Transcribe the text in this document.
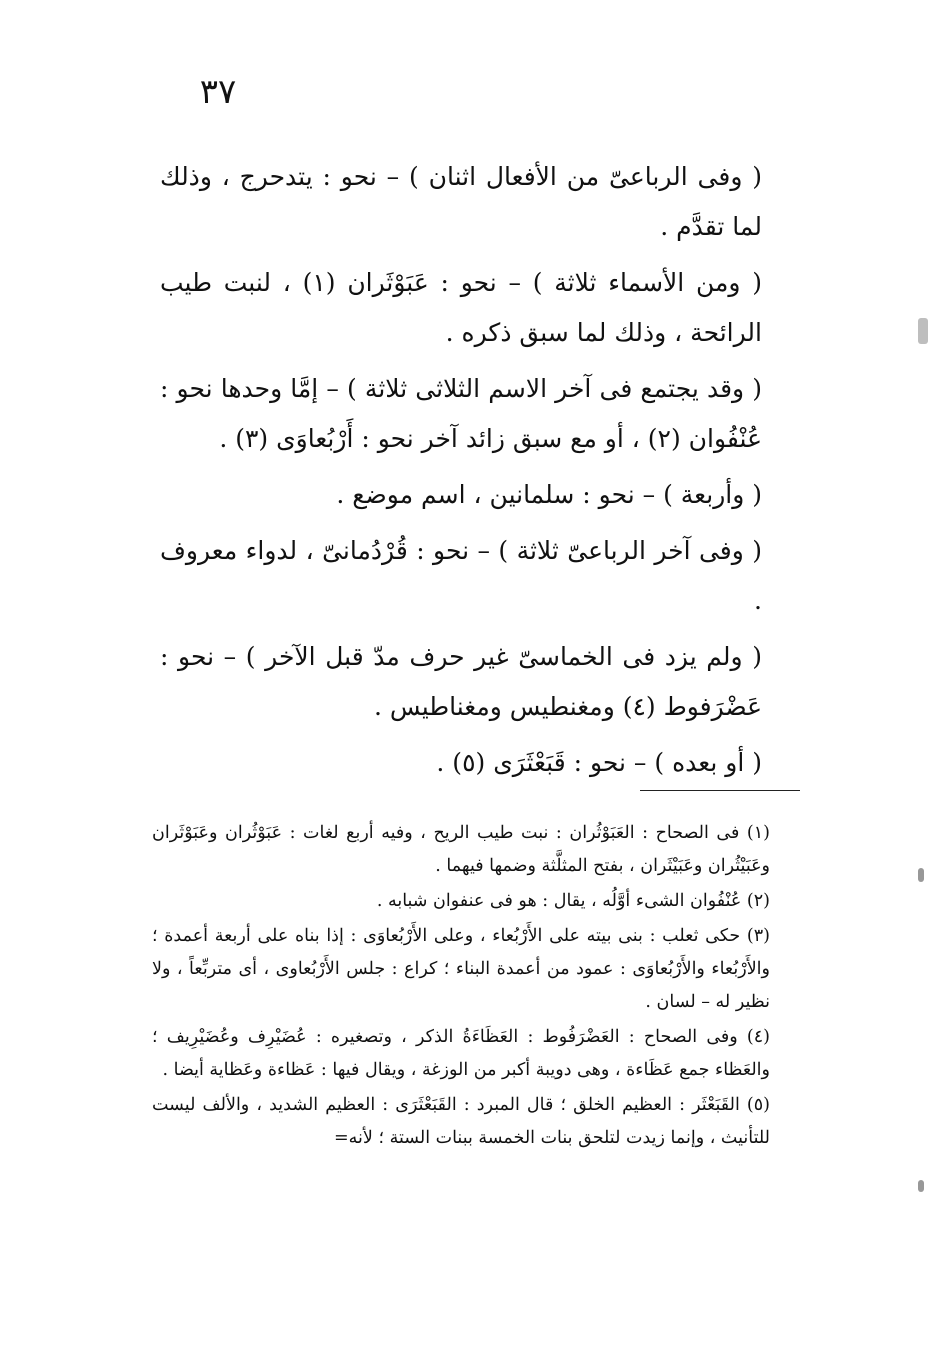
٣٧

( وفى الرباعىّ من الأفعال اثنان ) – نحو : يتدحرج ، وذلك لما تقدَّم .

( ومن الأسماء ثلاثة ) – نحو : عَبَوْثَران (١) ، لنبت طيب الرائحة ، وذلك لما سبق ذكره .

( وقد يجتمع فى آخر الاسم الثلاثى ثلاثة ) – إمَّا وحدها نحو : عُنْفُوان (٢) ، أو مع سبق زائد آخر نحو : أَرْبُعاوَى (٣) .

( وأربعة ) – نحو : سلمانين ، اسم موضع .

( وفى آخر الرباعىّ ثلاثة ) – نحو : قُرْدُمانىّ ، لدواء معروف .

( ولم يزد فى الخماسىّ غير حرف مدّ قبل الآخر ) – نحو : عَضْرَفوط (٤) ومغنطيس ومغناطيس .

( أو بعده ) – نحو : قَبَعْثَرَى (٥) .

(١) فى الصحاح : العَبَوْثُران : نبت طيب الريح ، وفيه أربع لغات : عَبَوْثُران وعَبَوْثَران وعَبَيْثُران وعَبَيْثَران ، بفتح المثلَّثة وضمها فيهما .

(٢) عُنْفُوان الشىء أوَّلُه ، يقال : هو فى عنفوان شبابه .

(٣) حكى ثعلب : بنى بيته على الأَرْبُعاء ، وعلى الأَرْبُعاوَى : إذا بناه على أربعة أعمدة ؛ والأَرْبُعاء والأَرْبُعاوَى : عمود من أعمدة البناء ؛ كراع : جلس الأَرْبُعاوى ، أى متربِّعاً ، ولا نظير له – لسان .

(٤) وفى الصحاح : العَضْرَفُوط : العَظَاءَةُ الذكر ، وتصغيره : عُضَيْرِف وعُضَيْرِيف ؛ والعَظاء جمع عَظَاءة ، وهى دويبة أكبر من الوزغة ، ويقال فيها : عَظاءة وعَظاية أيضا .

(٥) القَبَعْثَر : العظيم الخلق ؛ قال المبرد : القَبَعْثَرَى : العظيم الشديد ، والألف ليست للتأنيث ، وإنما زيدت لتلحق بنات الخمسة ببنات الستة ؛ لأنه=
